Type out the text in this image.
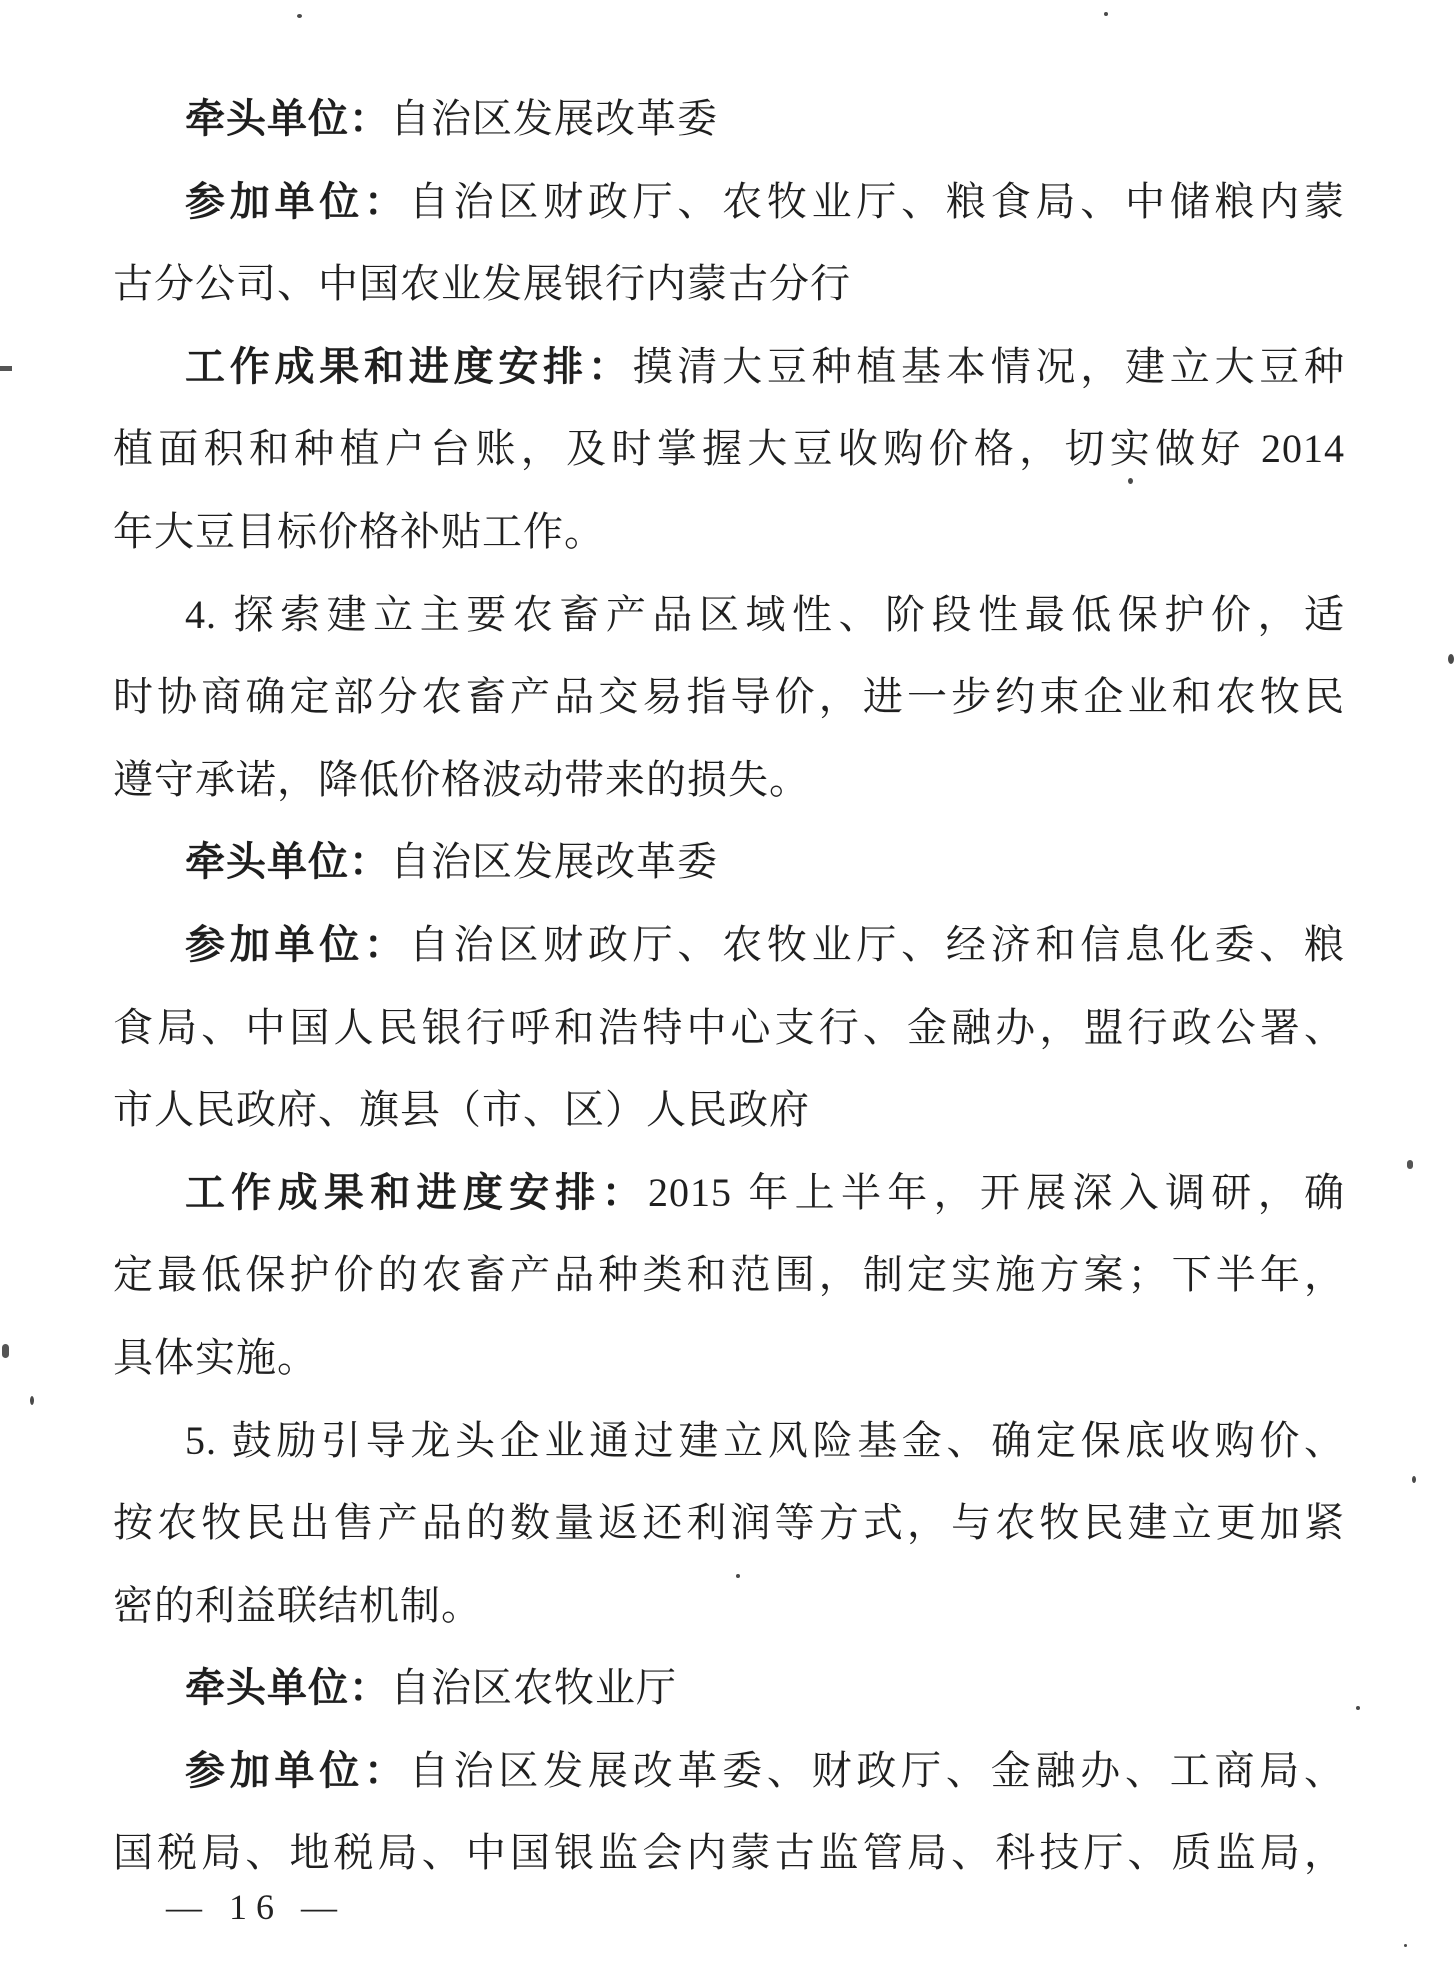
牵头单位：自治区发展改革委
参加单位：自治区财政厅、农牧业厅、粮食局、中储粮内蒙
古分公司、中国农业发展银行内蒙古分行
工作成果和进度安排：摸清大豆种植基本情况，建立大豆种
植面积和种植户台账，及时掌握大豆收购价格，切实做好 2014
年大豆目标价格补贴工作。
4. 探索建立主要农畜产品区域性、阶段性最低保护价，适
时协商确定部分农畜产品交易指导价，进一步约束企业和农牧民
遵守承诺，降低价格波动带来的损失。
牵头单位：自治区发展改革委
参加单位：自治区财政厅、农牧业厅、经济和信息化委、粮
食局、中国人民银行呼和浩特中心支行、金融办，盟行政公署、
市人民政府、旗县（市、区）人民政府
工作成果和进度安排：2015 年上半年，开展深入调研，确
定最低保护价的农畜产品种类和范围，制定实施方案；下半年，
具体实施。
5. 鼓励引导龙头企业通过建立风险基金、确定保底收购价、
按农牧民出售产品的数量返还利润等方式，与农牧民建立更加紧
密的利益联结机制。
牵头单位：自治区农牧业厅
参加单位：自治区发展改革委、财政厅、金融办、工商局、
国税局、地税局、中国银监会内蒙古监管局、科技厅、质监局，
— 16 —
